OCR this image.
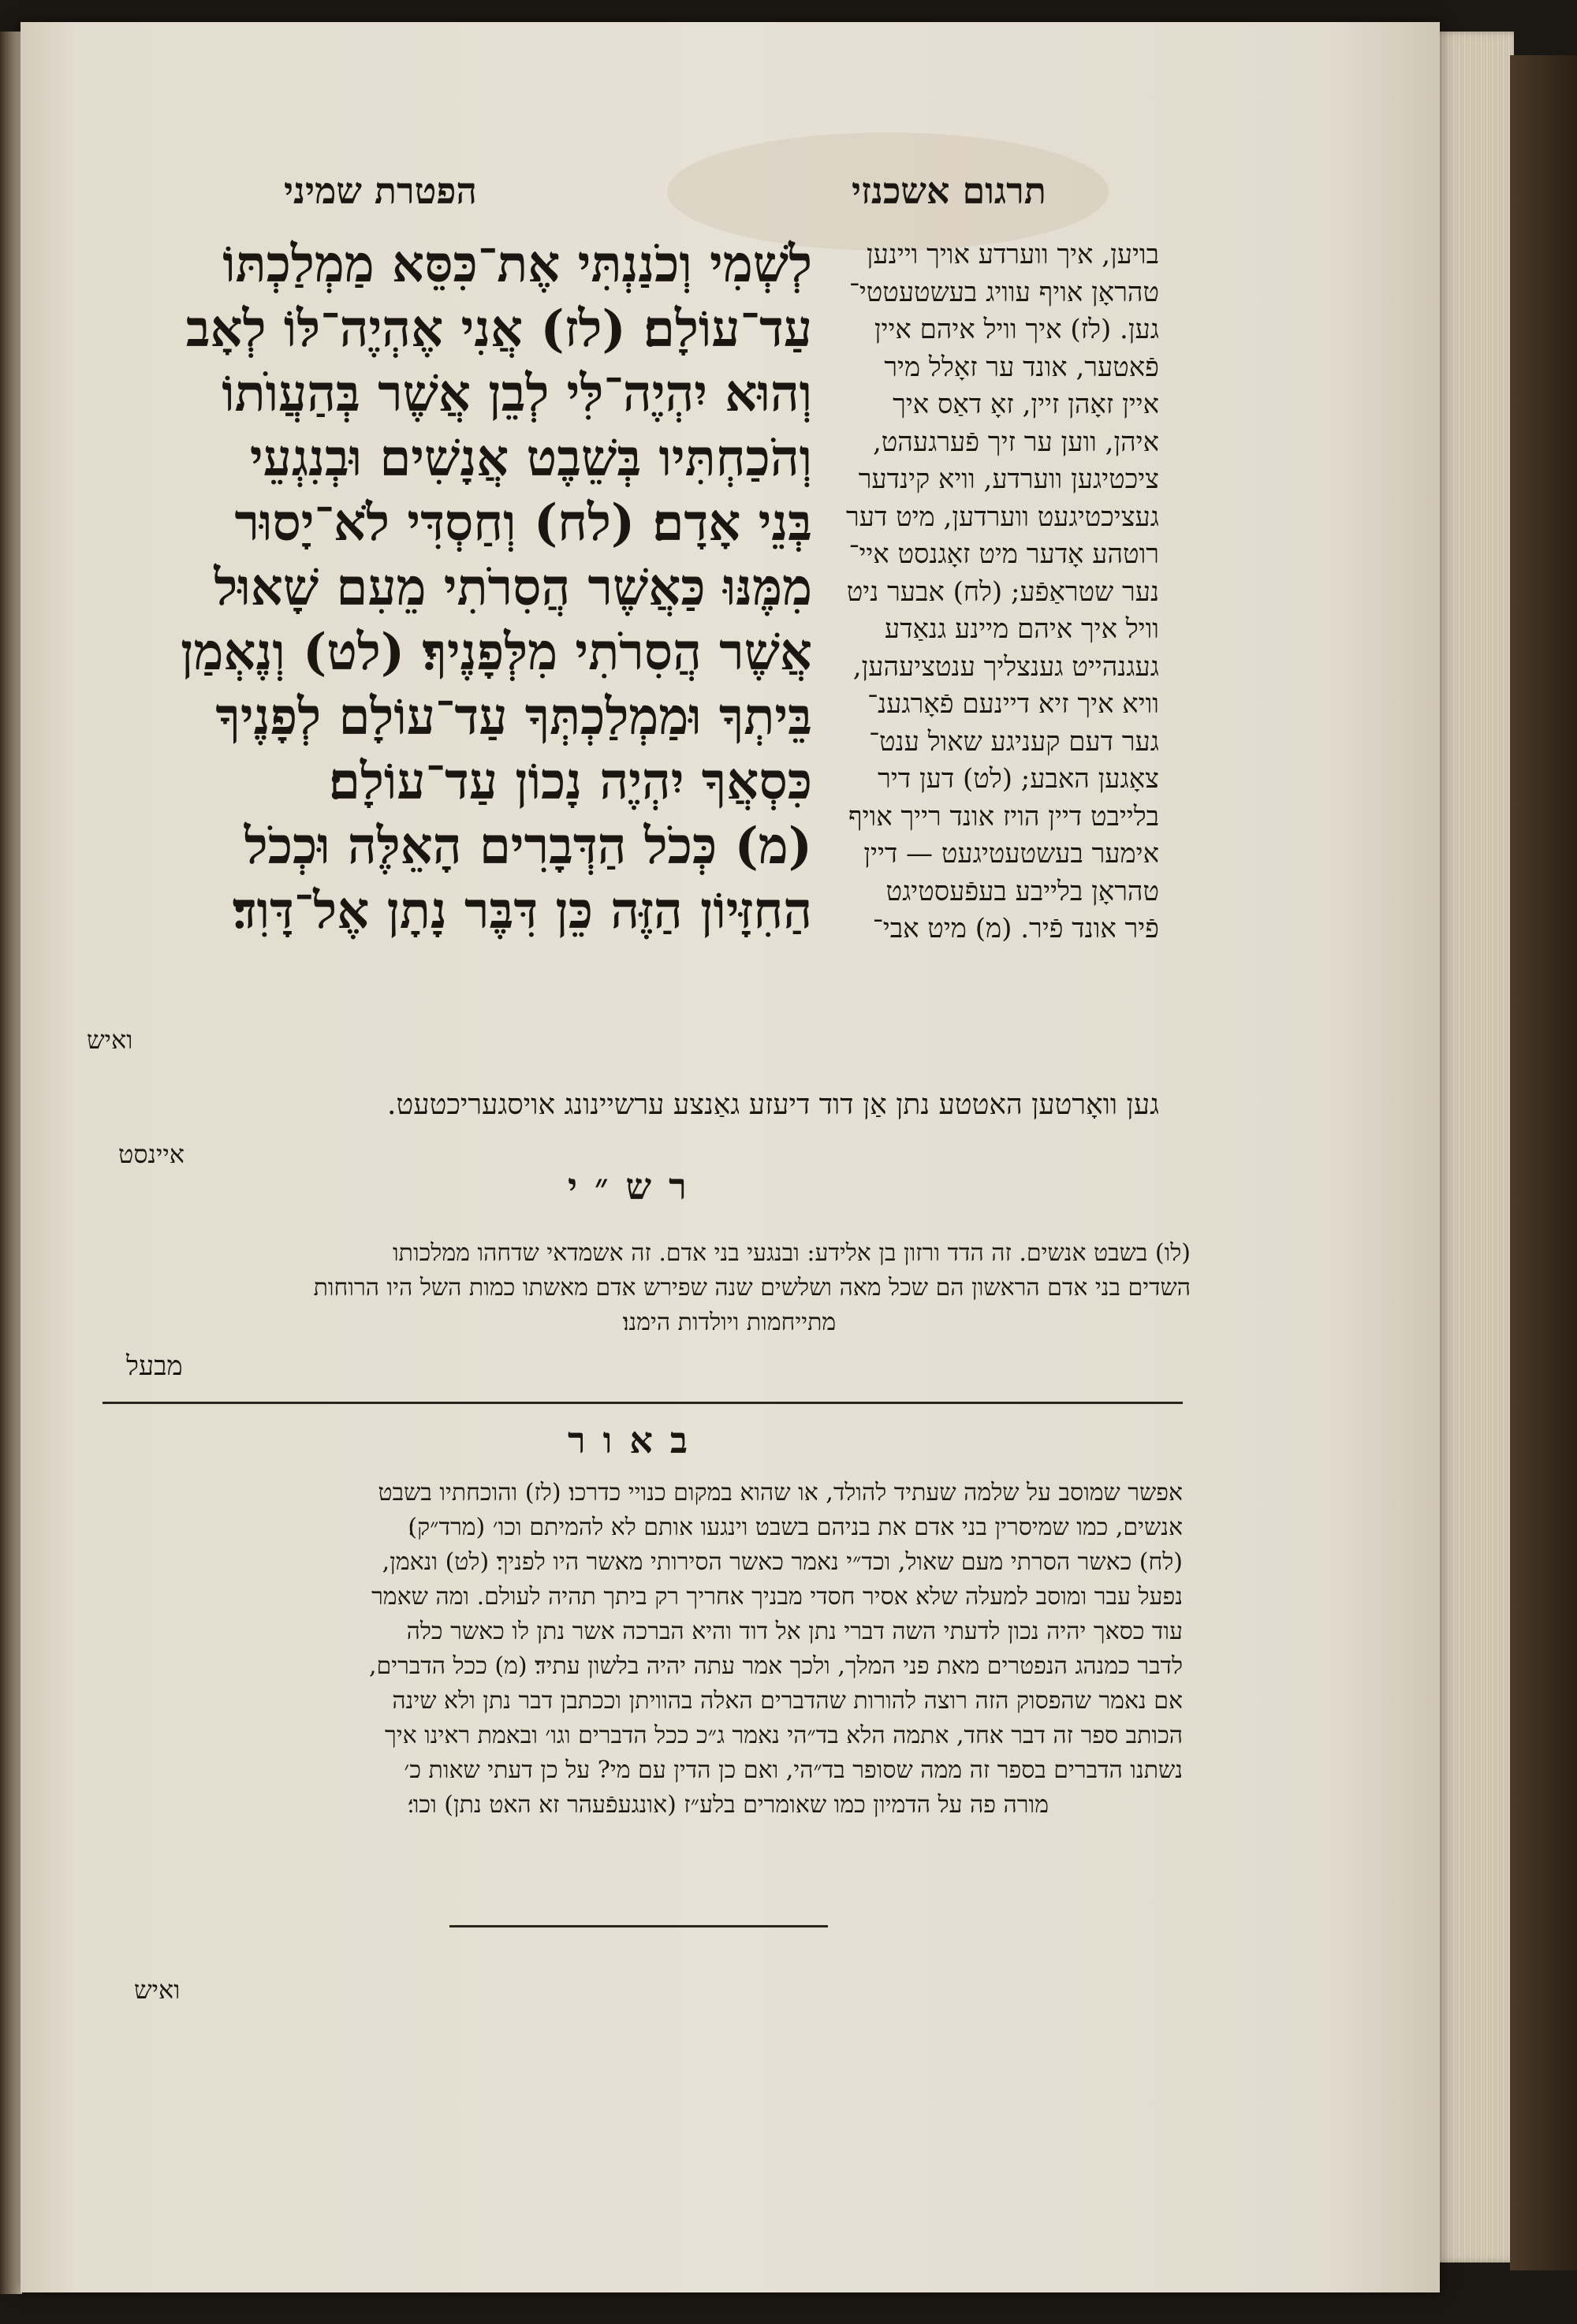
הפטרת שמיני	תרגום אשכנזי
לְשְׁמִי וְכֹנַנְתִּי אֶת־כִּסֵּא מַמְלַכְתּוֹ
עַד־עוֹלָם׃ (לז) אֲנִי אֶהְיֶה־לּוֹ לְאָב
וְהוּא יִהְיֶה־לִּי לְבֵן אֲשֶׁר בְּהַעֲוֺתוֹ
וְהֹכַחְתִּיו בְּשֵׁבֶט אֲנָשִׁים וּבְנִגְעֵי
בְּנֵי אָדָם׃ (לח) וְחַסְדִּי לֹא־יָסוּר
מִמֶּנּוּ כַּאֲשֶׁר הֲסִרֹתִי מֵעִם שָׁאוּל
אֲשֶׁר הֲסִרֹתִי מִלְּפָנֶיךָ׃ (לט) וְנֶאְמַן
בֵּיתְךָ וּמַמְלַכְתְּךָ עַד־עוֹלָם לְפָנֶיךָ
כִּסְאֲךָ יִהְיֶה נָכוֹן עַד־עוֹלָם׃
(מ) כְּכֹל הַדְּבָרִים הָאֵלֶּה וּכְכֹל
הַחִזָּיוֹן הַזֶּה כֵּן דִּבֶּר נָתָן אֶל־דָּוִד׃
ואיש
בויען, איך ווערדע אויך ויינען
טהראָן אויף עוויג בעשטעטטי־
גען. (לז) איך וויל איהם איין
פֿאטער, אונד ער זאָלל מיר
איין זאָהן זיין, זאָ דאַס איך
איהן, ווען ער זיך פֿערגעהט,
ציכטיגען ווערדע, וויא קינדער
געציכטיגעט ווערדען, מיט דער
רוטהע אָדער מיט זאָגנסט איי־
נער שטראַפֿע; (לח) אבער ניט
וויל איך איהם מיינע גנאַדע
געגנהייט גענצליך ענטציעהען,
וויא איך זיא דיינעם פֿאָרגענ־
גער דעם קעניגע שאול ענט־
צאָגען האבע; (לט) דען דיר
בלייבט דיין הויז אונד רייך אויף
אימער בעשטעטיגעט — דיין
טהראָן בלייבע בעפֿעסטיגט
פֿיר אונד פֿיר. (מ) מיט אבי־
גען וואָרטען האטטע נתן אַן דוד דיעזע גאַנצע ערשיינונג אויסגעריכטעט.
איינסט
רש״י
(לו) בשבט אנשים. זה הדד ורזון בן אלידע: ובנגעי בני אדם. זה אשמדאי שדחהו ממלכותו
השדים בני אדם הראשון הם שכל מאה ושלשים שנה שפירש אדם מאשתו כמות השל היו הרוחות
מתייחמות ויולדות הימנו׃
מבעל
באור
אפשר שמוסב על שלמה שעתיד להולד, או שהוא במקום כנויי כדרכו׃ (לז) והוכחתיו בשבט
אנשים, כמו שמיסרין בני אדם את בניהם בשבט וינגעו אותם לא להמיתם וכו׳ (מרד״ק)׃
(לח) כאשר הסרתי מעם שאול, וכד״י נאמר כאשר הסירותי מאשר היו לפניך׃ (לט) ונאמן,
נפעל עבר ומוסב למעלה שלא אסיר חסדי מבניך אחריך רק ביתך תהיה לעולם. ומה שאמר
עוד כסאך יהיה נכון לדעתי השה דברי נתן אל דוד והיא הברכה אשר נתן לו כאשר כלה
לדבר כמנהג הנפטרים מאת פני המלך, ולכך אמר עתה יהיה בלשון עתיד׃ (מ) ככל הדברים,
אם נאמר שהפסוק הזה רוצה להורות שהדברים האלה בהוויתן וככתבן דבר נתן ולא שינה
הכותב ספר זה דבר אחד, אתמה הלא בד״הי נאמר ג״כ ככל הדברים וגו׳ ובאמת ראינו איך
נשתנו הדברים בספר זה ממה שסופר בד״הי, ואם כן הדין עם מי? על כן דעתי שאות כ׳
מורה פה על הדמיון כמו שאומרים בלע״ז (אונגעפֿעהר זא האט נתן) וכו׳׃
ואיש
